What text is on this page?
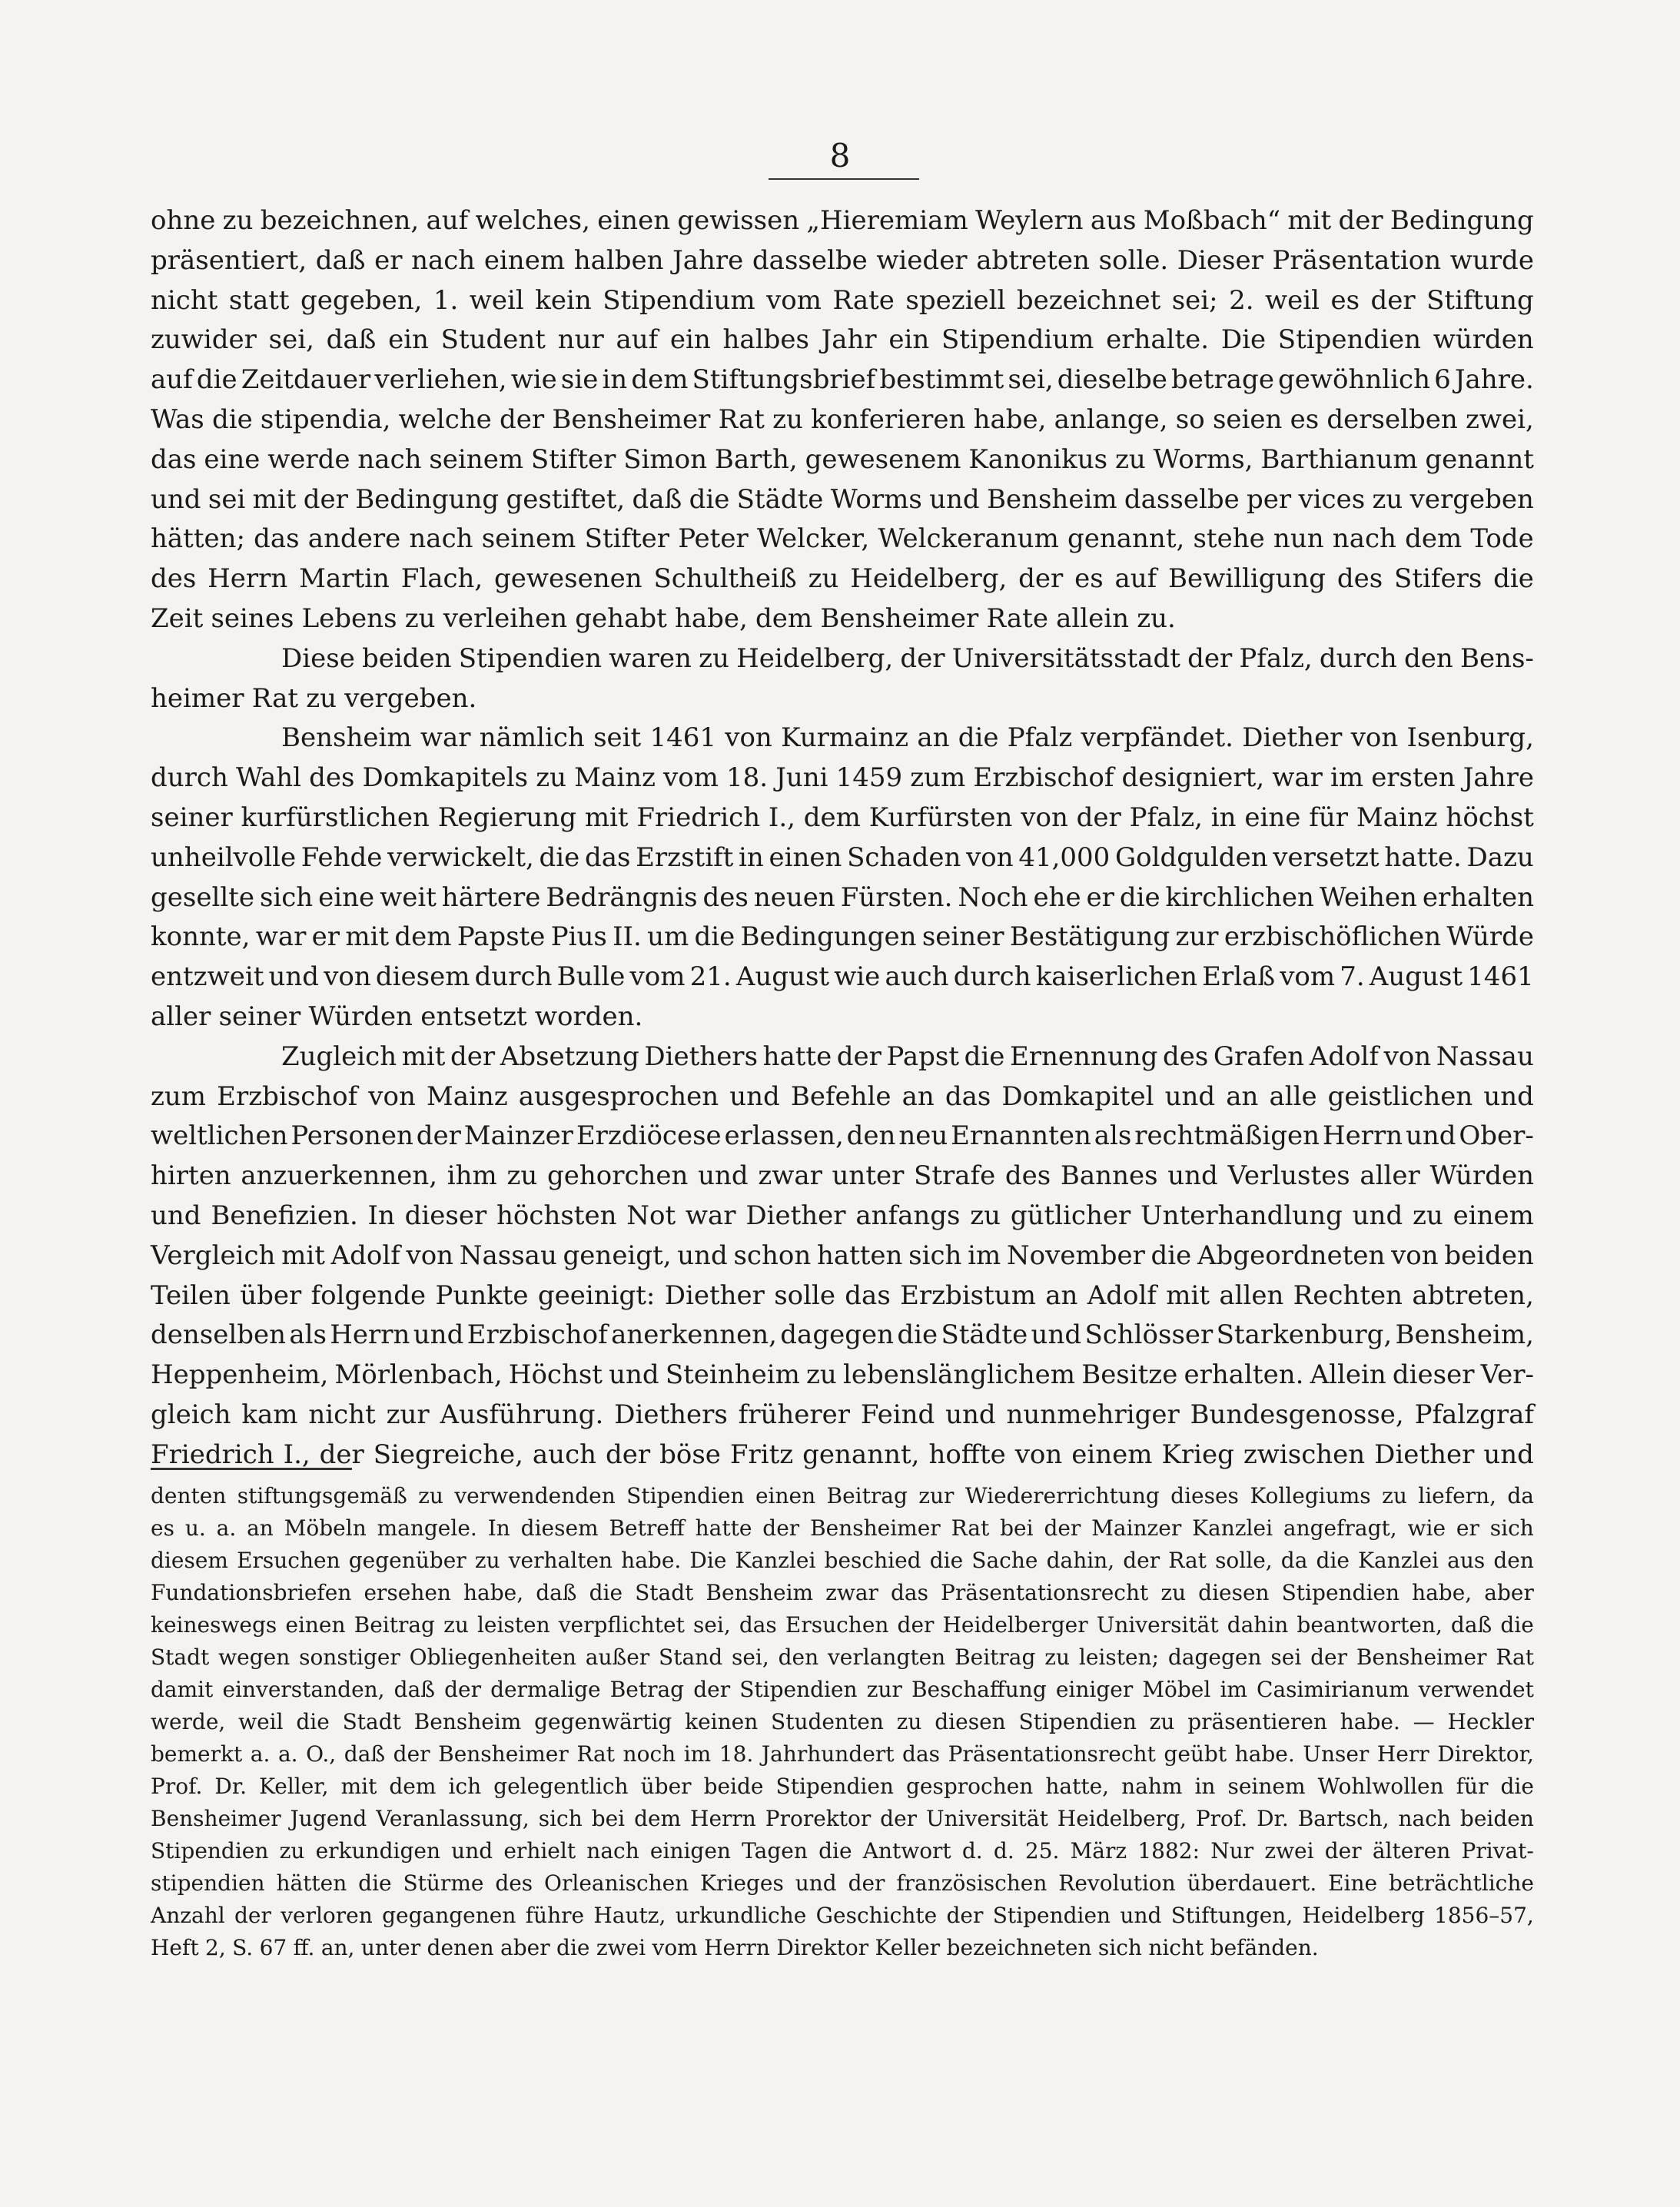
8
ohne zu bezeichnen, auf welches, einen gewissen „Hieremiam Weylern aus Moßbach“ mit der Bedingung
präsentiert, daß er nach einem halben Jahre dasselbe wieder abtreten solle. Dieser Präsentation wurde
nicht statt gegeben, 1. weil kein Stipendium vom Rate speziell bezeichnet sei; 2. weil es der Stiftung
zuwider sei, daß ein Student nur auf ein halbes Jahr ein Stipendium erhalte. Die Stipendien würden
auf die Zeitdauer verliehen, wie sie in dem Stiftungsbrief bestimmt sei, dieselbe betrage gewöhnlich 6 Jahre.
Was die stipendia, welche der Bensheimer Rat zu konferieren habe, anlange, so seien es derselben zwei,
das eine werde nach seinem Stifter Simon Barth, gewesenem Kanonikus zu Worms, Barthianum genannt
und sei mit der Bedingung gestiftet, daß die Städte Worms und Bensheim dasselbe per vices zu vergeben
hätten; das andere nach seinem Stifter Peter Welcker, Welckeranum genannt, stehe nun nach dem Tode
des Herrn Martin Flach, gewesenen Schultheiß zu Heidelberg, der es auf Bewilligung des Stifers die
Zeit seines Lebens zu verleihen gehabt habe, dem Bensheimer Rate allein zu.
Diese beiden Stipendien waren zu Heidelberg, der Universitätsstadt der Pfalz, durch den Bens-
heimer Rat zu vergeben.
Bensheim war nämlich seit 1461 von Kurmainz an die Pfalz verpfändet. Diether von Isenburg,
durch Wahl des Domkapitels zu Mainz vom 18. Juni 1459 zum Erzbischof designiert, war im ersten Jahre
seiner kurfürstlichen Regierung mit Friedrich I., dem Kurfürsten von der Pfalz, in eine für Mainz höchst
unheilvolle Fehde verwickelt, die das Erzstift in einen Schaden von 41,000 Goldgulden versetzt hatte. Dazu
gesellte sich eine weit härtere Bedrängnis des neuen Fürsten. Noch ehe er die kirchlichen Weihen erhalten
konnte, war er mit dem Papste Pius II. um die Bedingungen seiner Bestätigung zur erzbischöflichen Würde
entzweit und von diesem durch Bulle vom 21. August wie auch durch kaiserlichen Erlaß vom 7. August 1461
aller seiner Würden entsetzt worden.
Zugleich mit der Absetzung Diethers hatte der Papst die Ernennung des Grafen Adolf von Nassau
zum Erzbischof von Mainz ausgesprochen und Befehle an das Domkapitel und an alle geistlichen und
weltlichen Personen der Mainzer Erzdiöcese erlassen, den neu Ernannten als rechtmäßigen Herrn und Ober-
hirten anzuerkennen, ihm zu gehorchen und zwar unter Strafe des Bannes und Verlustes aller Würden
und Benefizien. In dieser höchsten Not war Diether anfangs zu gütlicher Unterhandlung und zu einem
Vergleich mit Adolf von Nassau geneigt, und schon hatten sich im November die Abgeordneten von beiden
Teilen über folgende Punkte geeinigt: Diether solle das Erzbistum an Adolf mit allen Rechten abtreten,
denselben als Herrn und Erzbischof anerkennen, dagegen die Städte und Schlösser Starkenburg, Bensheim,
Heppenheim, Mörlenbach, Höchst und Steinheim zu lebenslänglichem Besitze erhalten. Allein dieser Ver-
gleich kam nicht zur Ausführung. Diethers früherer Feind und nunmehriger Bundesgenosse, Pfalzgraf
Friedrich I., der Siegreiche, auch der böse Fritz genannt, hoffte von einem Krieg zwischen Diether und
denten stiftungsgemäß zu verwendenden Stipendien einen Beitrag zur Wiedererrichtung dieses Kollegiums zu liefern, da
es u. a. an Möbeln mangele. In diesem Betreff hatte der Bensheimer Rat bei der Mainzer Kanzlei angefragt, wie er sich
diesem Ersuchen gegenüber zu verhalten habe. Die Kanzlei beschied die Sache dahin, der Rat solle, da die Kanzlei aus den
Fundationsbriefen ersehen habe, daß die Stadt Bensheim zwar das Präsentationsrecht zu diesen Stipendien habe, aber
keineswegs einen Beitrag zu leisten verpflichtet sei, das Ersuchen der Heidelberger Universität dahin beantworten, daß die
Stadt wegen sonstiger Obliegenheiten außer Stand sei, den verlangten Beitrag zu leisten; dagegen sei der Bensheimer Rat
damit einverstanden, daß der dermalige Betrag der Stipendien zur Beschaffung einiger Möbel im Casimirianum verwendet
werde, weil die Stadt Bensheim gegenwärtig keinen Studenten zu diesen Stipendien zu präsentieren habe. — Heckler
bemerkt a. a. O., daß der Bensheimer Rat noch im 18. Jahrhundert das Präsentationsrecht geübt habe. Unser Herr Direktor,
Prof. Dr. Keller, mit dem ich gelegentlich über beide Stipendien gesprochen hatte, nahm in seinem Wohlwollen für die
Bensheimer Jugend Veranlassung, sich bei dem Herrn Prorektor der Universität Heidelberg, Prof. Dr. Bartsch, nach beiden
Stipendien zu erkundigen und erhielt nach einigen Tagen die Antwort d. d. 25. März 1882: Nur zwei der älteren Privat-
stipendien hätten die Stürme des Orleanischen Krieges und der französischen Revolution überdauert. Eine beträchtliche
Anzahl der verloren gegangenen führe Hautz, urkundliche Geschichte der Stipendien und Stiftungen, Heidelberg 1856–57,
Heft 2, S. 67 ff. an, unter denen aber die zwei vom Herrn Direktor Keller bezeichneten sich nicht befänden.
